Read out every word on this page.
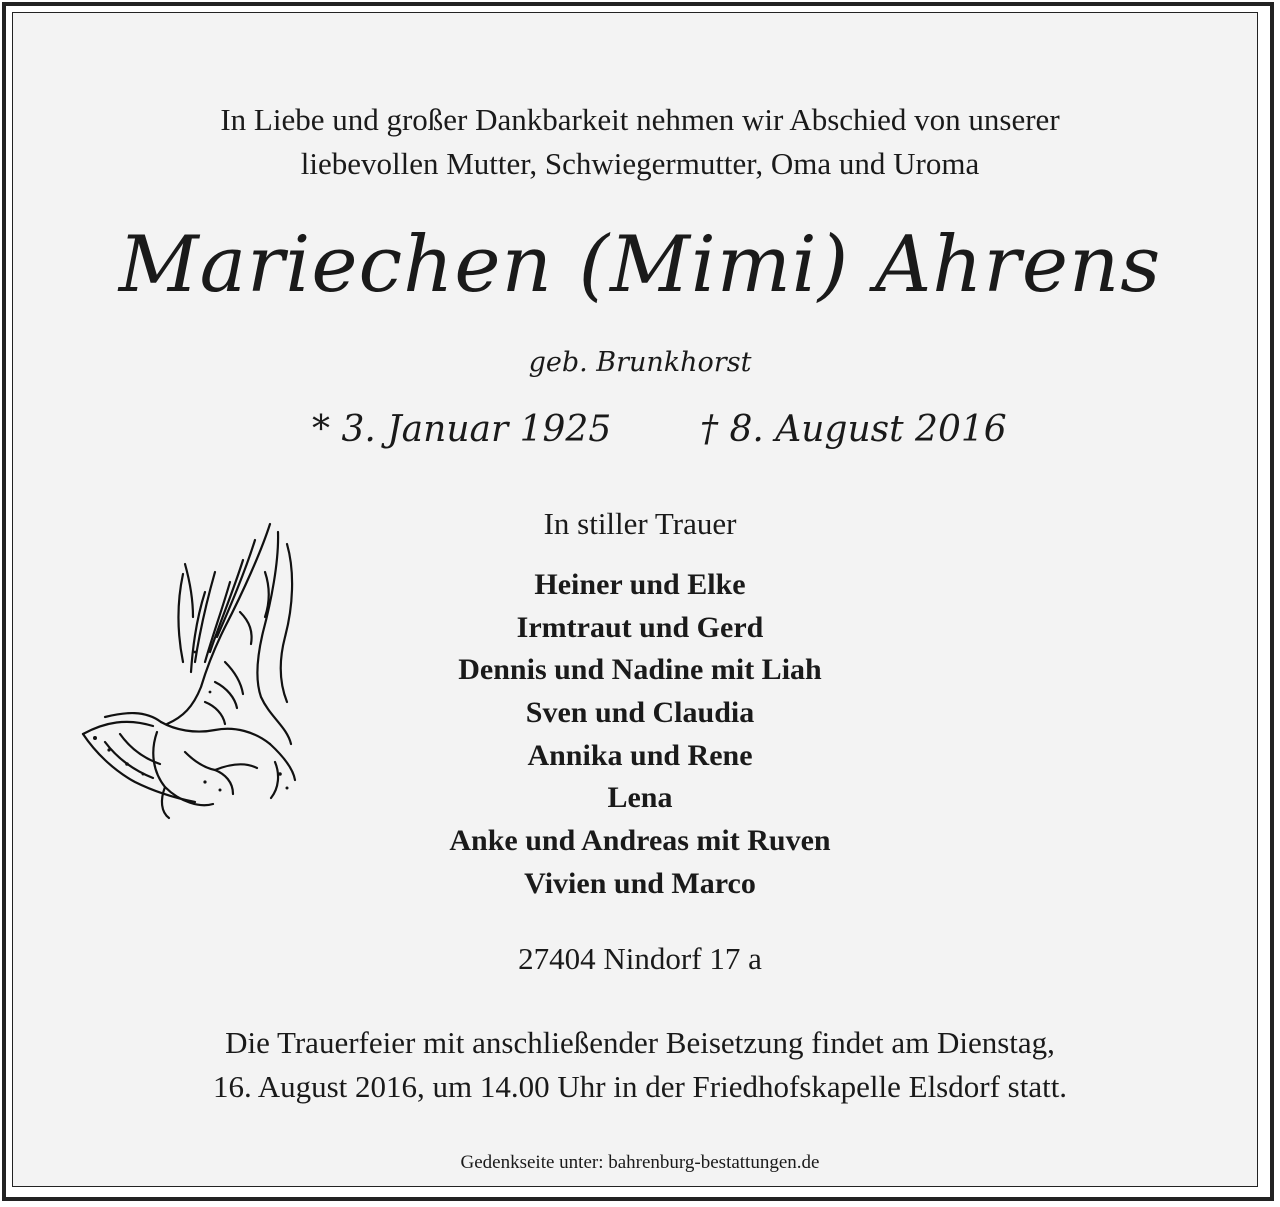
In Liebe und großer Dankbarkeit nehmen wir Abschied von unserer
liebevollen Mutter, Schwiegermutter, Oma und Uroma
Mariechen (Mimi) Ahrens
geb. Brunkhorst
* 3. Januar 1925 † 8. August 2016
In stiller Trauer
Heiner und Elke
Irmtraut und Gerd
Dennis und Nadine mit Liah
Sven und Claudia
Annika und Rene
Lena
Anke und Andreas mit Ruven
Vivien und Marco
27404 Nindorf 17 a
Die Trauerfeier mit anschließender Beisetzung findet am Dienstag,
16. August 2016, um 14.00 Uhr in der Friedhofskapelle Elsdorf statt.
Gedenkseite unter: bahrenburg-bestattungen.de
